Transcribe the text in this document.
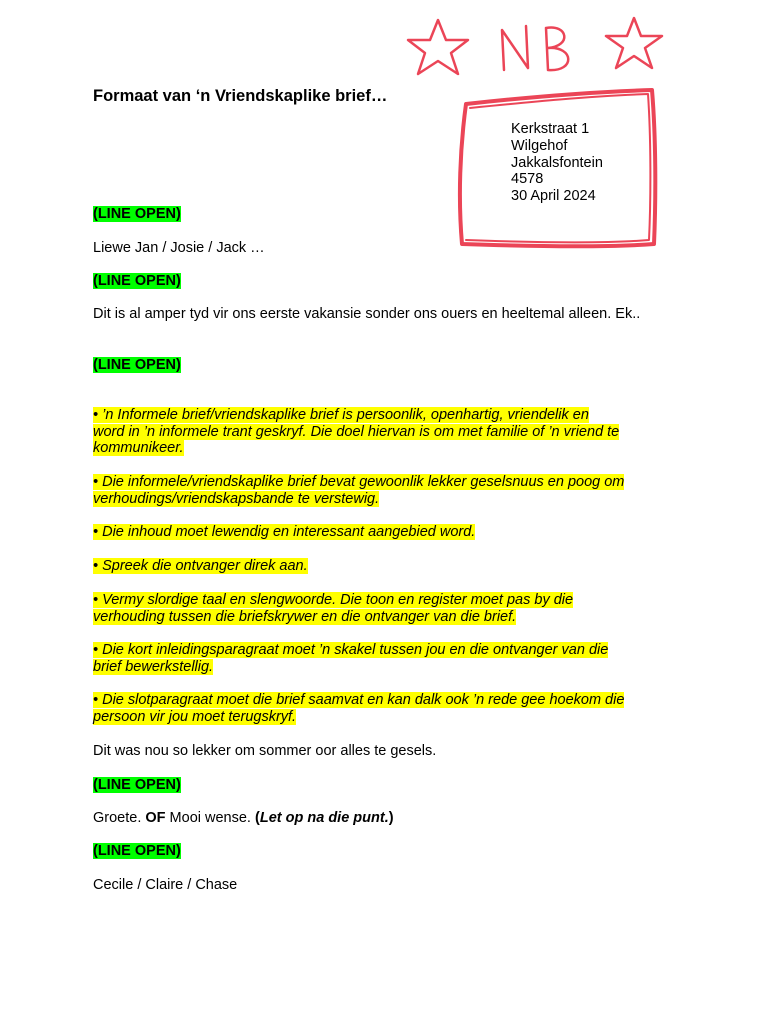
Formaat van ‘n Vriendskaplike brief…
Kerkstraat 1
Wilgehof
Jakkalsfontein
4578
30 April 2024
(LINE OPEN)
Liewe Jan / Josie / Jack …
(LINE OPEN)
Dit is al amper tyd vir ons eerste vakansie sonder ons ouers en heeltemal alleen. Ek..
(LINE OPEN)
• ’n Informele brief/vriendskaplike brief is persoonlik, openhartig, vriendelik en word in ’n informele trant geskryf. Die doel hiervan is om met familie of ’n vriend te kommunikeer.
• Die informele/vriendskaplike brief bevat gewoonlik lekker geselsnuus en poog om verhoudings/vriendskapsbande te verstewig.
• Die inhoud moet lewendig en interessant aangebied word.
• Spreek die ontvanger direk aan.
• Vermy slordige taal en slengwoorde. Die toon en register moet pas by die verhouding tussen die briefskrywer en die ontvanger van die brief.
• Die kort inleidingsparagraat moet ’n skakel tussen jou en die ontvanger van die brief bewerkstellig.
• Die slotparagraat moet die brief saamvat en kan dalk ook ’n rede gee hoekom die persoon vir jou moet terugskryf.
Dit was nou so lekker om sommer oor alles te gesels.
(LINE OPEN)
Groete. OF Mooi wense. (Let op na die punt.)
(LINE OPEN)
Cecile / Claire / Chase
